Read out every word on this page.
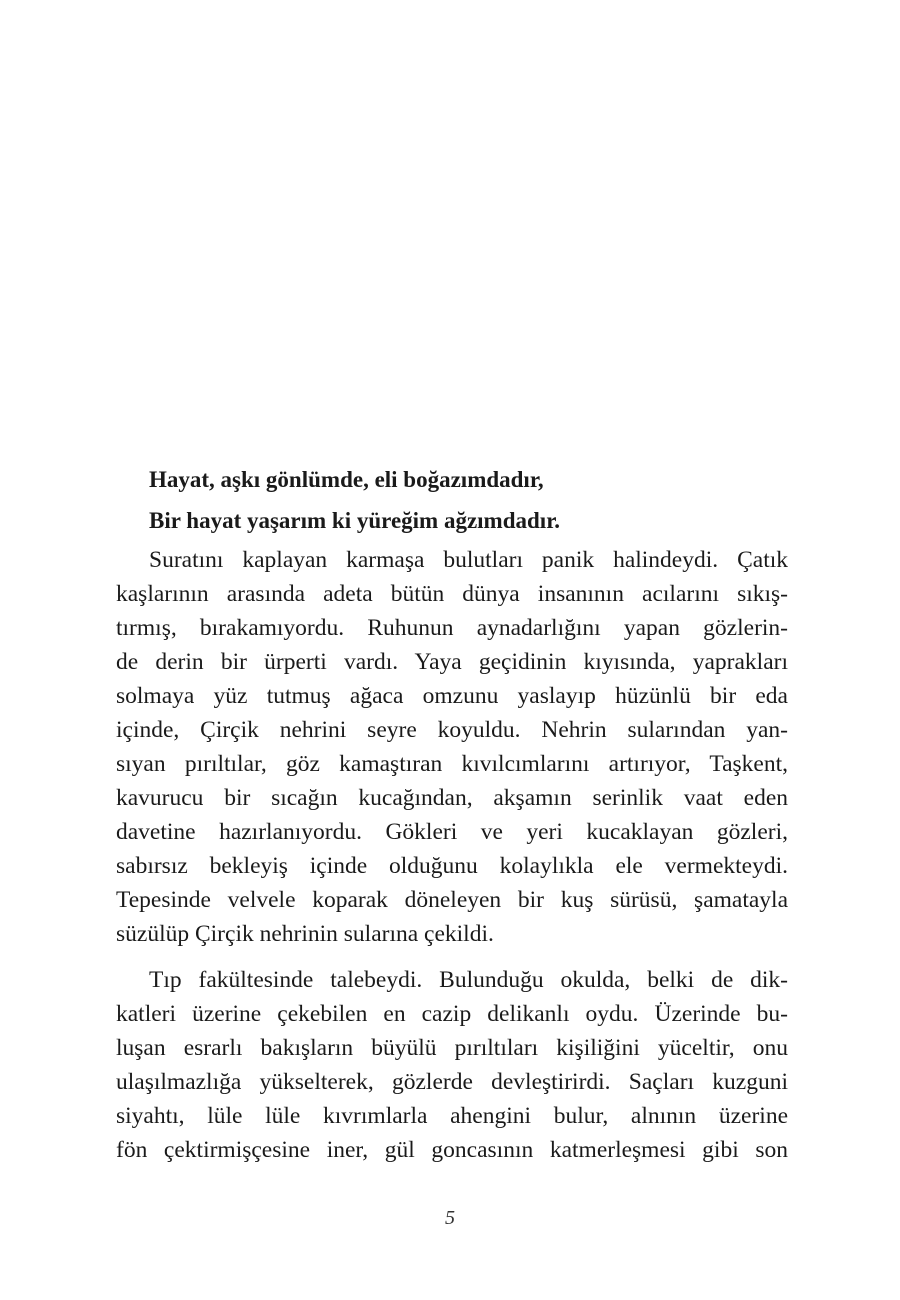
Hayat, aşkı gönlümde, eli boğazımdadır,
Bir hayat yaşarım ki yüreğim ağzımdadır.
Suratını kaplayan karmaşa bulutları panik halindeydi. Çatık
kaşlarının arasında adeta bütün dünya insanının acılarını sıkış-
tırmış, bırakamıyordu. Ruhunun aynadarlığını yapan gözlerin-
de derin bir ürperti vardı. Yaya geçidinin kıyısında, yaprakları
solmaya yüz tutmuş ağaca omzunu yaslayıp hüzünlü bir eda
içinde, Çirçik nehrini seyre koyuldu. Nehrin sularından yan-
sıyan pırıltılar, göz kamaştıran kıvılcımlarını artırıyor, Taşkent,
kavurucu bir sıcağın kucağından, akşamın serinlik vaat eden
davetine hazırlanıyordu. Gökleri ve yeri kucaklayan gözleri,
sabırsız bekleyiş içinde olduğunu kolaylıkla ele vermekteydi.
Tepesinde velvele koparak döneleyen bir kuş sürüsü, şamatayla
süzülüp Çirçik nehrinin sularına çekildi.
Tıp fakültesinde talebeydi. Bulunduğu okulda, belki de dik-
katleri üzerine çekebilen en cazip delikanlı oydu. Üzerinde bu-
luşan esrarlı bakışların büyülü pırıltıları kişiliğini yüceltir, onu
ulaşılmazlığa yükselterek, gözlerde devleştirirdi. Saçları kuzguni
siyahtı, lüle lüle kıvrımlarla ahengini bulur, alnının üzerine
fön çektirmişçesine iner, gül goncasının katmerleşmesi gibi son
5
